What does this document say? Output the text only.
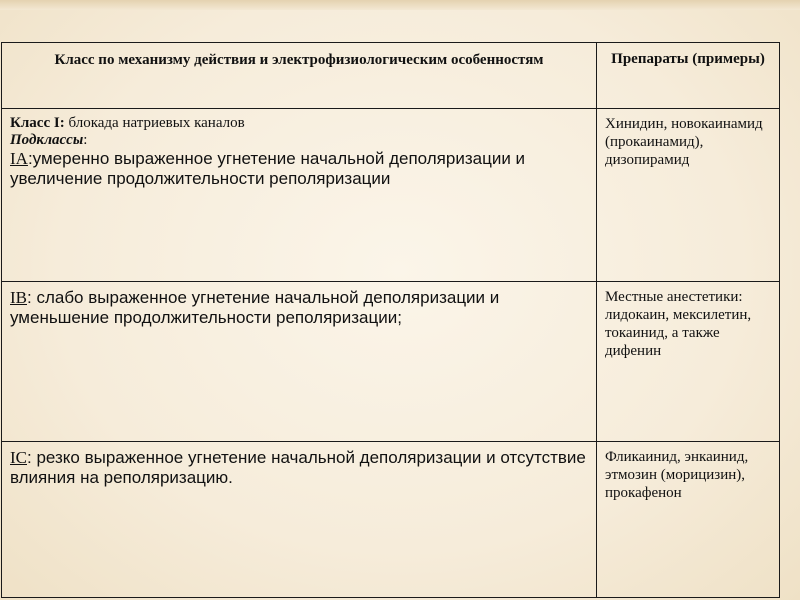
Класс по механизму действия и электрофизиологическим особенностям	Препараты (примеры)

Класс I: блокада натриевых каналов
Подклассы:
IA:умеренно выраженное угнетение начальной деполяризации и увеличение продолжительности реполяризации	Хинидин, новокаинамид (прокаинамид), дизопирамид

IB: слабо выраженное угнетение начальной деполяризации и уменьшение продолжительности реполяризации;	Местные анестетики: лидокаин, мексилетин, токаинид, а также дифенин

IC: резко выраженное угнетение начальной деполяризации и отсутствие влияния на реполяризацию.	Фликаинид, энкаинид, этмозин (морицизин), прокафенон
